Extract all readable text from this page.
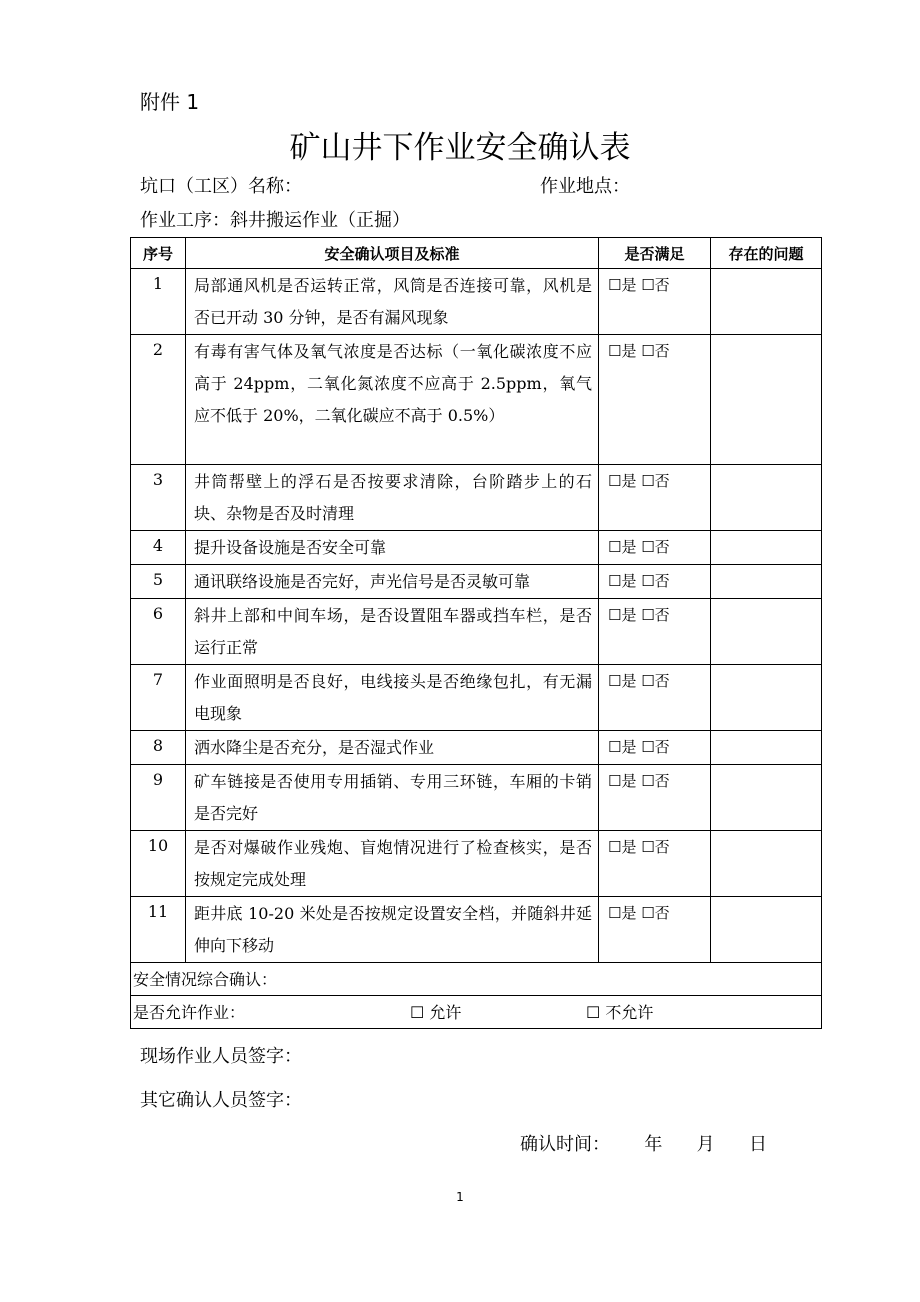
附件 1
矿山井下作业安全确认表
坑口（工区）名称：	作业地点：
作业工序：斜井搬运作业（正掘）
序号	安全确认项目及标准	是否满足	存在的问题
1	局部通风机是否运转正常，风筒是否连接可靠，风机是否已开动 30 分钟，是否有漏风现象	☐是 ☐否	
2	有毒有害气体及氧气浓度是否达标（一氧化碳浓度不应高于 24ppm，二氧化氮浓度不应高于 2.5ppm，氧气应不低于 20%，二氧化碳应不高于 0.5%）	☐是 ☐否	
3	井筒帮壁上的浮石是否按要求清除，台阶踏步上的石块、杂物是否及时清理	☐是 ☐否	
4	提升设备设施是否安全可靠	☐是 ☐否	
5	通讯联络设施是否完好，声光信号是否灵敏可靠	☐是 ☐否	
6	斜井上部和中间车场，是否设置阻车器或挡车栏，是否运行正常	☐是 ☐否	
7	作业面照明是否良好，电线接头是否绝缘包扎，有无漏电现象	☐是 ☐否	
8	洒水降尘是否充分，是否湿式作业	☐是 ☐否	
9	矿车链接是否使用专用插销、专用三环链，车厢的卡销是否完好	☐是 ☐否	
10	是否对爆破作业残炮、盲炮情况进行了检查核实，是否按规定完成处理	☐是 ☐否	
11	距井底 10-20 米处是否按规定设置安全档，并随斜井延伸向下移动	☐是 ☐否	
安全情况综合确认：			
是否允许作业： ☐ 允许 ☐ 不允许			
现场作业人员签字：
其它确认人员签字：
确认时间：      年      月      日
1
